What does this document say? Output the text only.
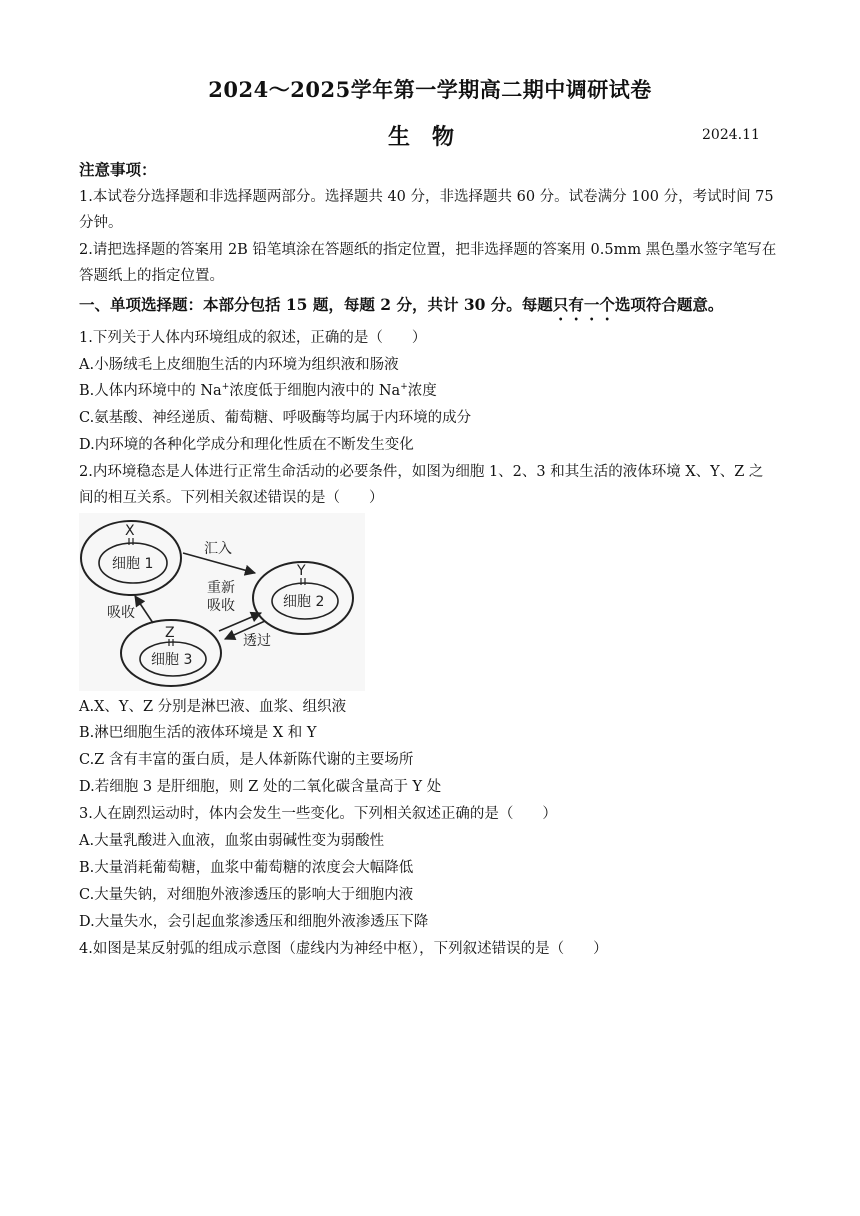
2024～2025学年第一学期高二期中调研试卷
生物	2024.11
注意事项：
1.本试卷分选择题和非选择题两部分。选择题共 40 分，非选择题共 60 分。试卷满分 100 分，考试时间 75
分钟。
2.请把选择题的答案用 2B 铅笔填涂在答题纸的指定位置，把非选择题的答案用 0.5mm 黑色墨水签字笔写在
答题纸上的指定位置。
一、单项选择题：本部分包括 15 题，每题 2 分，共计 30 分。每题只有一个选项符合题意。
1.下列关于人体内环境组成的叙述，正确的是（　　）
A.小肠绒毛上皮细胞生活的内环境为组织液和肠液
B.人体内环境中的 Na+浓度低于细胞内液中的 Na+浓度
C.氨基酸、神经递质、葡萄糖、呼吸酶等均属于内环境的成分
D.内环境的各种化学成分和理化性质在不断发生变化
2.内环境稳态是人体进行正常生命活动的必要条件，如图为细胞 1、2、3 和其生活的液体环境 X、Y、Z 之
间的相互关系。下列相关叙述错误的是（　　）
X
细胞 1	Y
细胞 2
Z
细胞 3
汇入
吸收
重新
吸收
透过
A.X、Y、Z 分别是淋巴液、血浆、组织液
B.淋巴细胞生活的液体环境是 X 和 Y
C.Z 含有丰富的蛋白质，是人体新陈代谢的主要场所
D.若细胞 3 是肝细胞，则 Z 处的二氧化碳含量高于 Y 处
3.人在剧烈运动时，体内会发生一些变化。下列相关叙述正确的是（　　）
A.大量乳酸进入血液，血浆由弱碱性变为弱酸性
B.大量消耗葡萄糖，血浆中葡萄糖的浓度会大幅降低
C.大量失钠，对细胞外液渗透压的影响大于细胞内液
D.大量失水，会引起血浆渗透压和细胞外液渗透压下降
4.如图是某反射弧的组成示意图（虚线内为神经中枢），下列叙述错误的是（　　）
